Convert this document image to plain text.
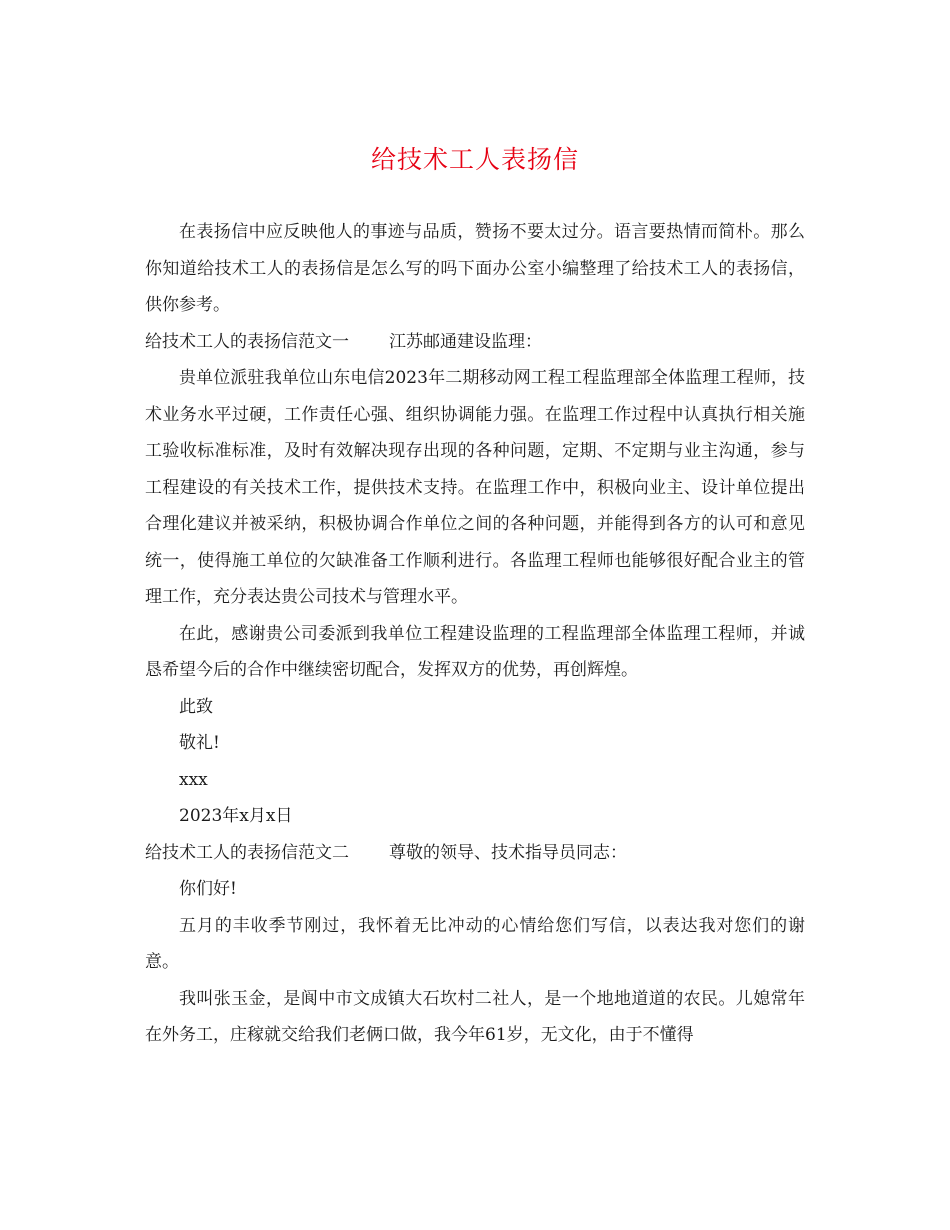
给技术工人表扬信

在表扬信中应反映他人的事迹与品质，赞扬不要太过分。语言要热情而简朴。那么你知道给技术工人的表扬信是怎么写的吗下面办公室小编整理了给技术工人的表扬信，供你参考。

给技术工人的表扬信范文一 江苏邮通建设监理：

贵单位派驻我单位山东电信2023年二期移动网工程工程监理部全体监理工程师，技术业务水平过硬，工作责任心强、组织协调能力强。在监理工作过程中认真执行相关施工验收标准标准，及时有效解决现存出现的各种问题，定期、不定期与业主沟通，参与工程建设的有关技术工作，提供技术支持。在监理工作中，积极向业主、设计单位提出合理化建议并被采纳，积极协调合作单位之间的各种问题，并能得到各方的认可和意见统一，使得施工单位的欠缺准备工作顺利进行。各监理工程师也能够很好配合业主的管理工作，充分表达贵公司技术与管理水平。

在此，感谢贵公司委派到我单位工程建设监理的工程监理部全体监理工程师，并诚恳希望今后的合作中继续密切配合，发挥双方的优势，再创辉煌。

此致

敬礼!

xxx

2023年x月x日

给技术工人的表扬信范文二 尊敬的领导、技术指导员同志：

你们好!

五月的丰收季节刚过，我怀着无比冲动的心情给您们写信，以表达我对您们的谢意。

我叫张玉金，是阆中市文成镇大石坎村二社人，是一个地地道道的农民。儿媳常年在外务工，庄稼就交给我们老俩口做，我今年61岁，无文化，由于不懂得
